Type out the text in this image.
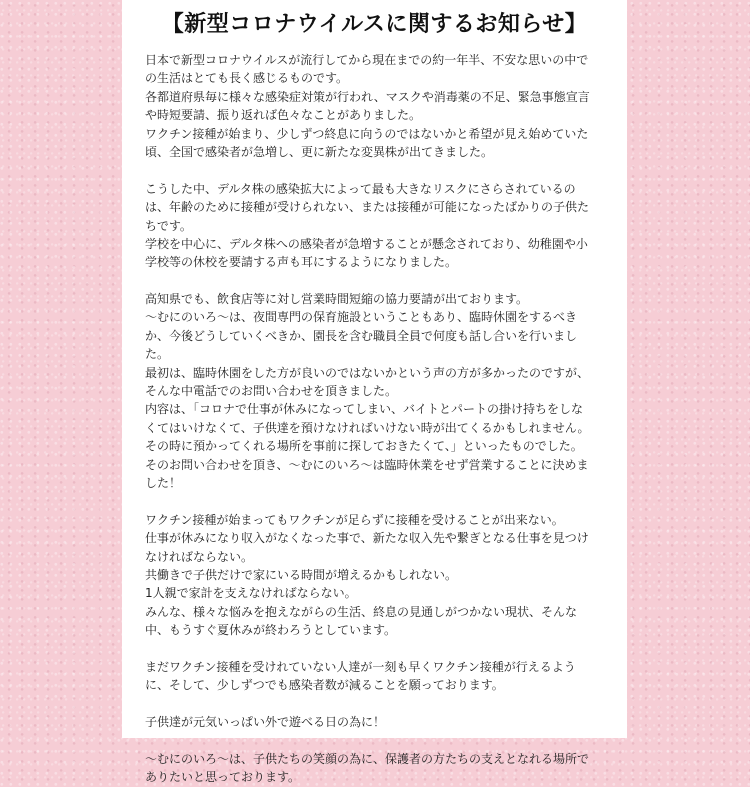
【新型コロナウイルスに関するお知らせ】
日本で新型コロナウイルスが流行してから現在までの約一年半、不安な思いの中で
の生活はとても長く感じるものです。
各都道府県毎に様々な感染症対策が行われ、マスクや消毒薬の不足、緊急事態宣言
や時短要請、振り返れば色々なことがありました。
ワクチン接種が始まり、少しずつ終息に向うのではないかと希望が見え始めていた
頃、全国で感染者が急増し、更に新たな変異株が出てきました。
こうした中、デルタ株の感染拡大によって最も大きなリスクにさらされているの
は、年齢のために接種が受けられない、または接種が可能になったばかりの子供た
ちです。
学校を中心に、デルタ株への感染者が急増することが懸念されており、幼稚園や小
学校等の休校を要請する声も耳にするようになりました。
高知県でも、飲食店等に対し営業時間短縮の協力要請が出ております。
〜むにのいろ〜は、夜間専門の保育施設ということもあり、臨時休園をするべき
か、今後どうしていくべきか、園長を含む職員全員で何度も話し合いを行いまし
た。
最初は、臨時休園をした方が良いのではないかという声の方が多かったのですが、
そんな中電話でのお問い合わせを頂きました。
内容は、「コロナで仕事が休みになってしまい、バイトとパートの掛け持ちをしな
くてはいけなくて、子供達を預けなければいけない時が出てくるかもしれません。
その時に預かってくれる場所を事前に探しておきたくて、」といったものでした。
そのお問い合わせを頂き、〜むにのいろ〜は臨時休業をせず営業することに決めま
した！
ワクチン接種が始まってもワクチンが足らずに接種を受けることが出来ない。
仕事が休みになり収入がなくなった事で、新たな収入先や繋ぎとなる仕事を見つけ
なければならない。
共働きで子供だけで家にいる時間が増えるかもしれない。
1人親で家計を支えなければならない。
みんな、様々な悩みを抱えながらの生活、終息の見通しがつかない現状、そんな
中、もうすぐ夏休みが終わろうとしています。
まだワクチン接種を受けれていない人達が一刻も早くワクチン接種が行えるよう
に、そして、少しずつでも感染者数が減ることを願っております。
子供達が元気いっぱい外で遊べる日の為に！
〜むにのいろ〜は、子供たちの笑顔の為に、保護者の方たちの支えとなれる場所で
ありたいと思っております。
